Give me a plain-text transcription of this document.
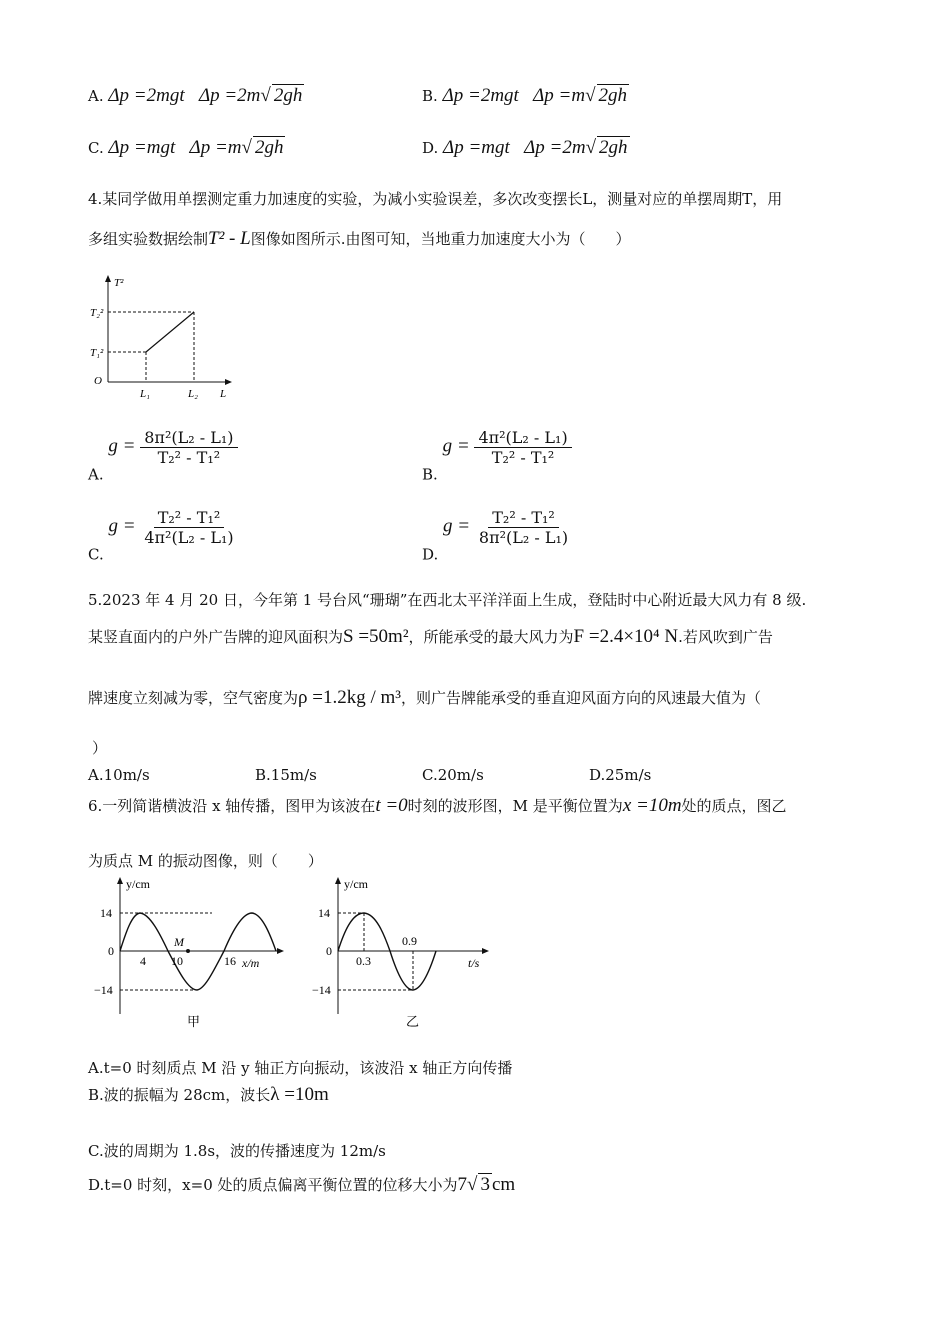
A. Δp =2mgt Δp =2m√ 2gh	B. Δp =2mgt Δp =m√ 2gh
C. Δp =mgt Δp =m√ 2gh	D. Δp =mgt Δp =2m√ 2gh
4.某同学做用单摆测定重力加速度的实验，为减小实验误差，多次改变摆长L，测量对应的单摆周期T，用
多组实验数据绘制T² - L图像如图所示.由图可知，当地重力加速度大小为（　　）
T²
T₂²
T₁²
O
L₁	L₂ L
A. $g = \frac{\text{8π²(L₂ - L₁)}}{\text{T₂² - T₁²}}$
B. $g = \frac{\text{4π²(L₂ - L₁)}}{\text{T₂² - T₁²}}$
C. $g = \frac{\text{T₂² - T₁²}}{\text{4π²(L₂ - L₁)}}$
D. $g = \frac{\text{T₂² - T₁²}}{\text{8π²(L₂ - L₁)}}$
5.2023 年 4 月 20 日，今年第 1 号台风“珊瑚”在西北太平洋洋面上生成，登陆时中心附近最大风力有 8 级.
某竖直面内的户外广告牌的迎风面积为S =50m²，所能承受的最大风力为F =2.4×10⁴ N.若风吹到广告
牌速度立刻减为零，空气密度为ρ =1.2kg / m³，则广告牌能承受的垂直迎风面方向的风速最大值为（
）
A.10m/s	B.15m/s	C.20m/s	D.25m/s
6.一列简谐横波沿 x 轴传播，图甲为该波在t =0时刻的波形图，M 是平衡位置为x =10m处的质点，图乙
为质点 M 的振动图像，则（　　）
y/cm
14
0
−14
4 10	16
M
x/m
甲
y/cm
14
0
−14
0.3
0.9
t/s
乙
A.t=0 时刻质点 M 沿 y 轴正方向振动，该波沿 x 轴正方向传播
B.波的振幅为 28cm，波长λ =10m
C.波的周期为 1.8s，波的传播速度为 12m/s
D.t=0 时刻，x=0 处的质点偏离平衡位置的位移大小为7√ 3 cm
